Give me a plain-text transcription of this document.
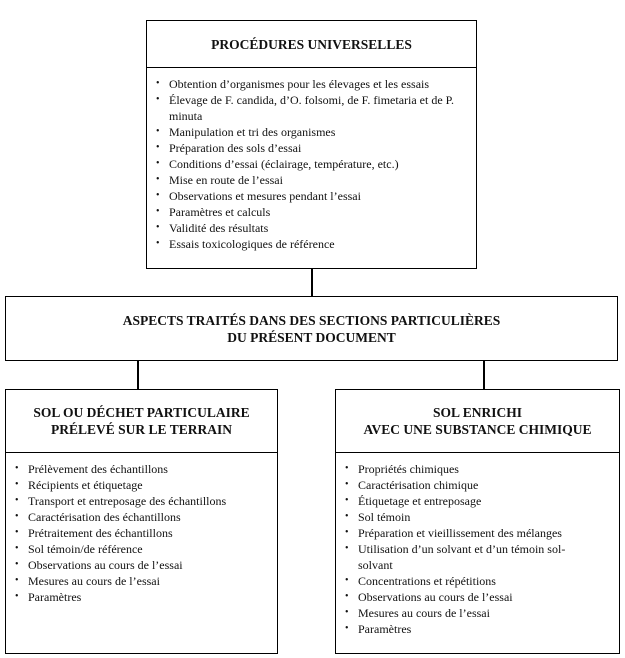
PROCÉDURES UNIVERSELLES
• Obtention d’organismes pour les élevages et les essais
• Élevage de F. candida, d’O. folsomi, de F. fimetaria et de P. minuta
• Manipulation et tri des organismes
• Préparation des sols d’essai
• Conditions d’essai (éclairage, température, etc.)
• Mise en route de l’essai
• Observations et mesures pendant l’essai
• Paramètres et calculs
• Validité des résultats
• Essais toxicologiques de référence
ASPECTS TRAITÉS DANS DES SECTIONS PARTICULIÈRES
DU PRÉSENT DOCUMENT
SOL OU DÉCHET PARTICULAIRE
PRÉLEVÉ SUR LE TERRAIN
• Prélèvement des échantillons
• Récipients et étiquetage
• Transport et entreposage des échantillons
• Caractérisation des échantillons
• Prétraitement des échantillons
• Sol témoin/de référence
• Observations au cours de l’essai
• Mesures au cours de l’essai
• Paramètres
SOL ENRICHI
AVEC UNE SUBSTANCE CHIMIQUE
• Propriétés chimiques
• Caractérisation chimique
• Étiquetage et entreposage
• Sol témoin
• Préparation et vieillissement des mélanges
• Utilisation d’un solvant et d’un témoin sol-solvant
• Concentrations et répétitions
• Observations au cours de l’essai
• Mesures au cours de l’essai
• Paramètres
